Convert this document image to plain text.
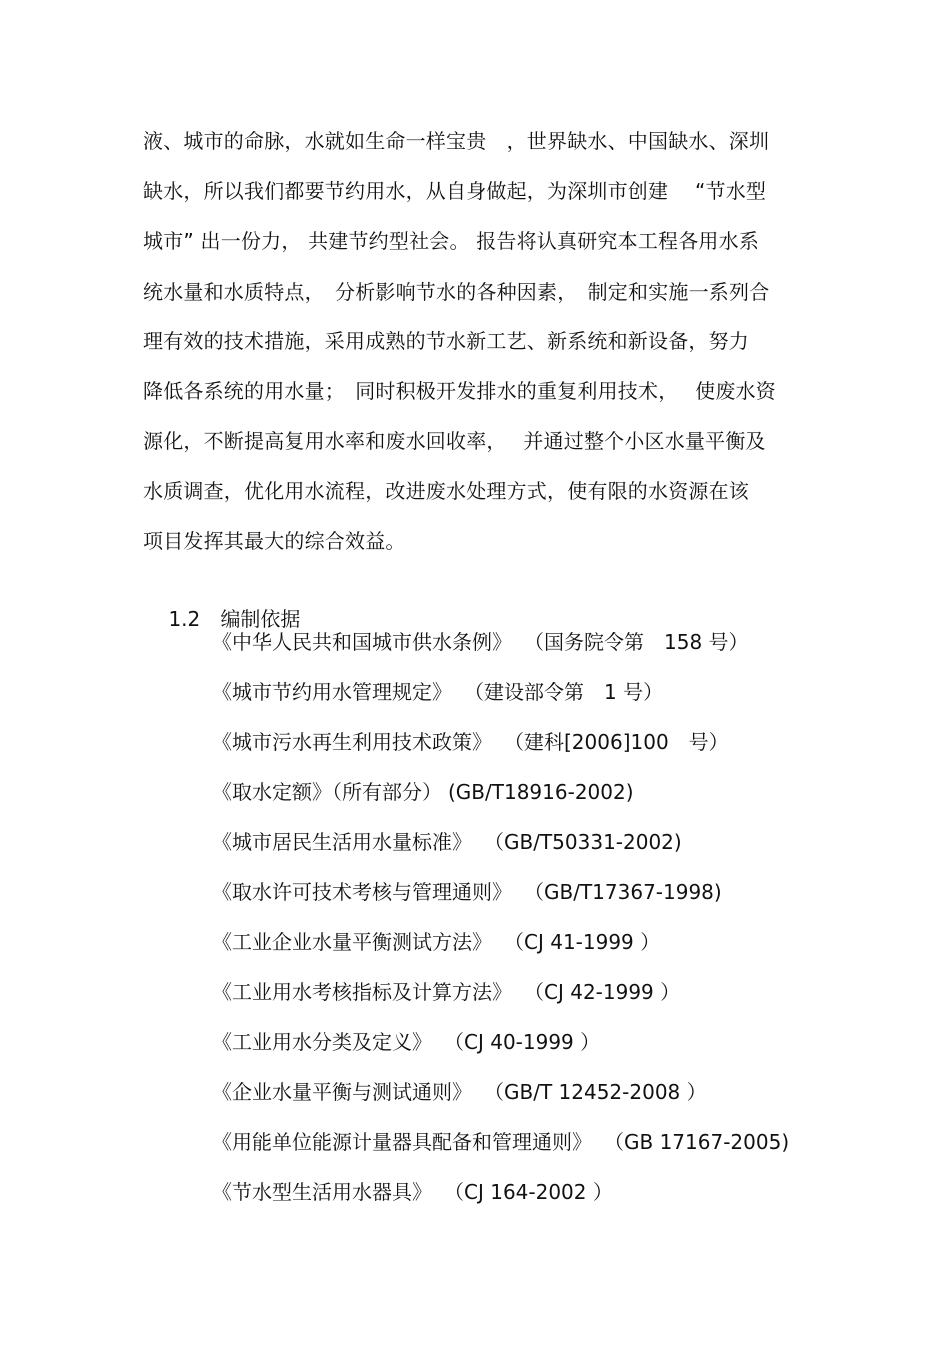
液、城市的命脉，水就如生命一样宝贵　，世界缺水、中国缺水、深圳
缺水，所以我们都要节约用水，从自身做起，为深圳市创建　 “节水型
城市” 出一份力， 共建节约型社会。 报告将认真研究本工程各用水系
统水量和水质特点，　分析影响节水的各种因素，　制定和实施一系列合
理有效的技术措施，采用成熟的节水新工艺、新系统和新设备，努力
降低各系统的用水量；　同时积极开发排水的重复利用技术，　 使废水资
源化，不断提高复用水率和废水回收率，　 并通过整个小区水量平衡及
水质调查，优化用水流程，改进废水处理方式，使有限的水资源在该
项目发挥其最大的综合效益。

1.2 编制依据

《中华人民共和国城市供水条例》 （国务院令第　158 号）
《城市节约用水管理规定》 （建设部令第　1 号）
《城市污水再生利用技术政策》 （建科[2006]100　号）
《取水定额》（所有部分） (GB/T18916-2002)
《城市居民生活用水量标准》 （GB/T50331-2002)
《取水许可技术考核与管理通则》 （GB/T17367-1998)
《工业企业水量平衡测试方法》 （CJ 41-1999 ）
《工业用水考核指标及计算方法》 （CJ 42-1999 ）
《工业用水分类及定义》 （CJ 40-1999 ）
《企业水量平衡与测试通则》 （GB/T 12452-2008 ）
《用能单位能源计量器具配备和管理通则》 （GB 17167-2005)
《节水型生活用水器具》 （CJ 164-2002 ）
